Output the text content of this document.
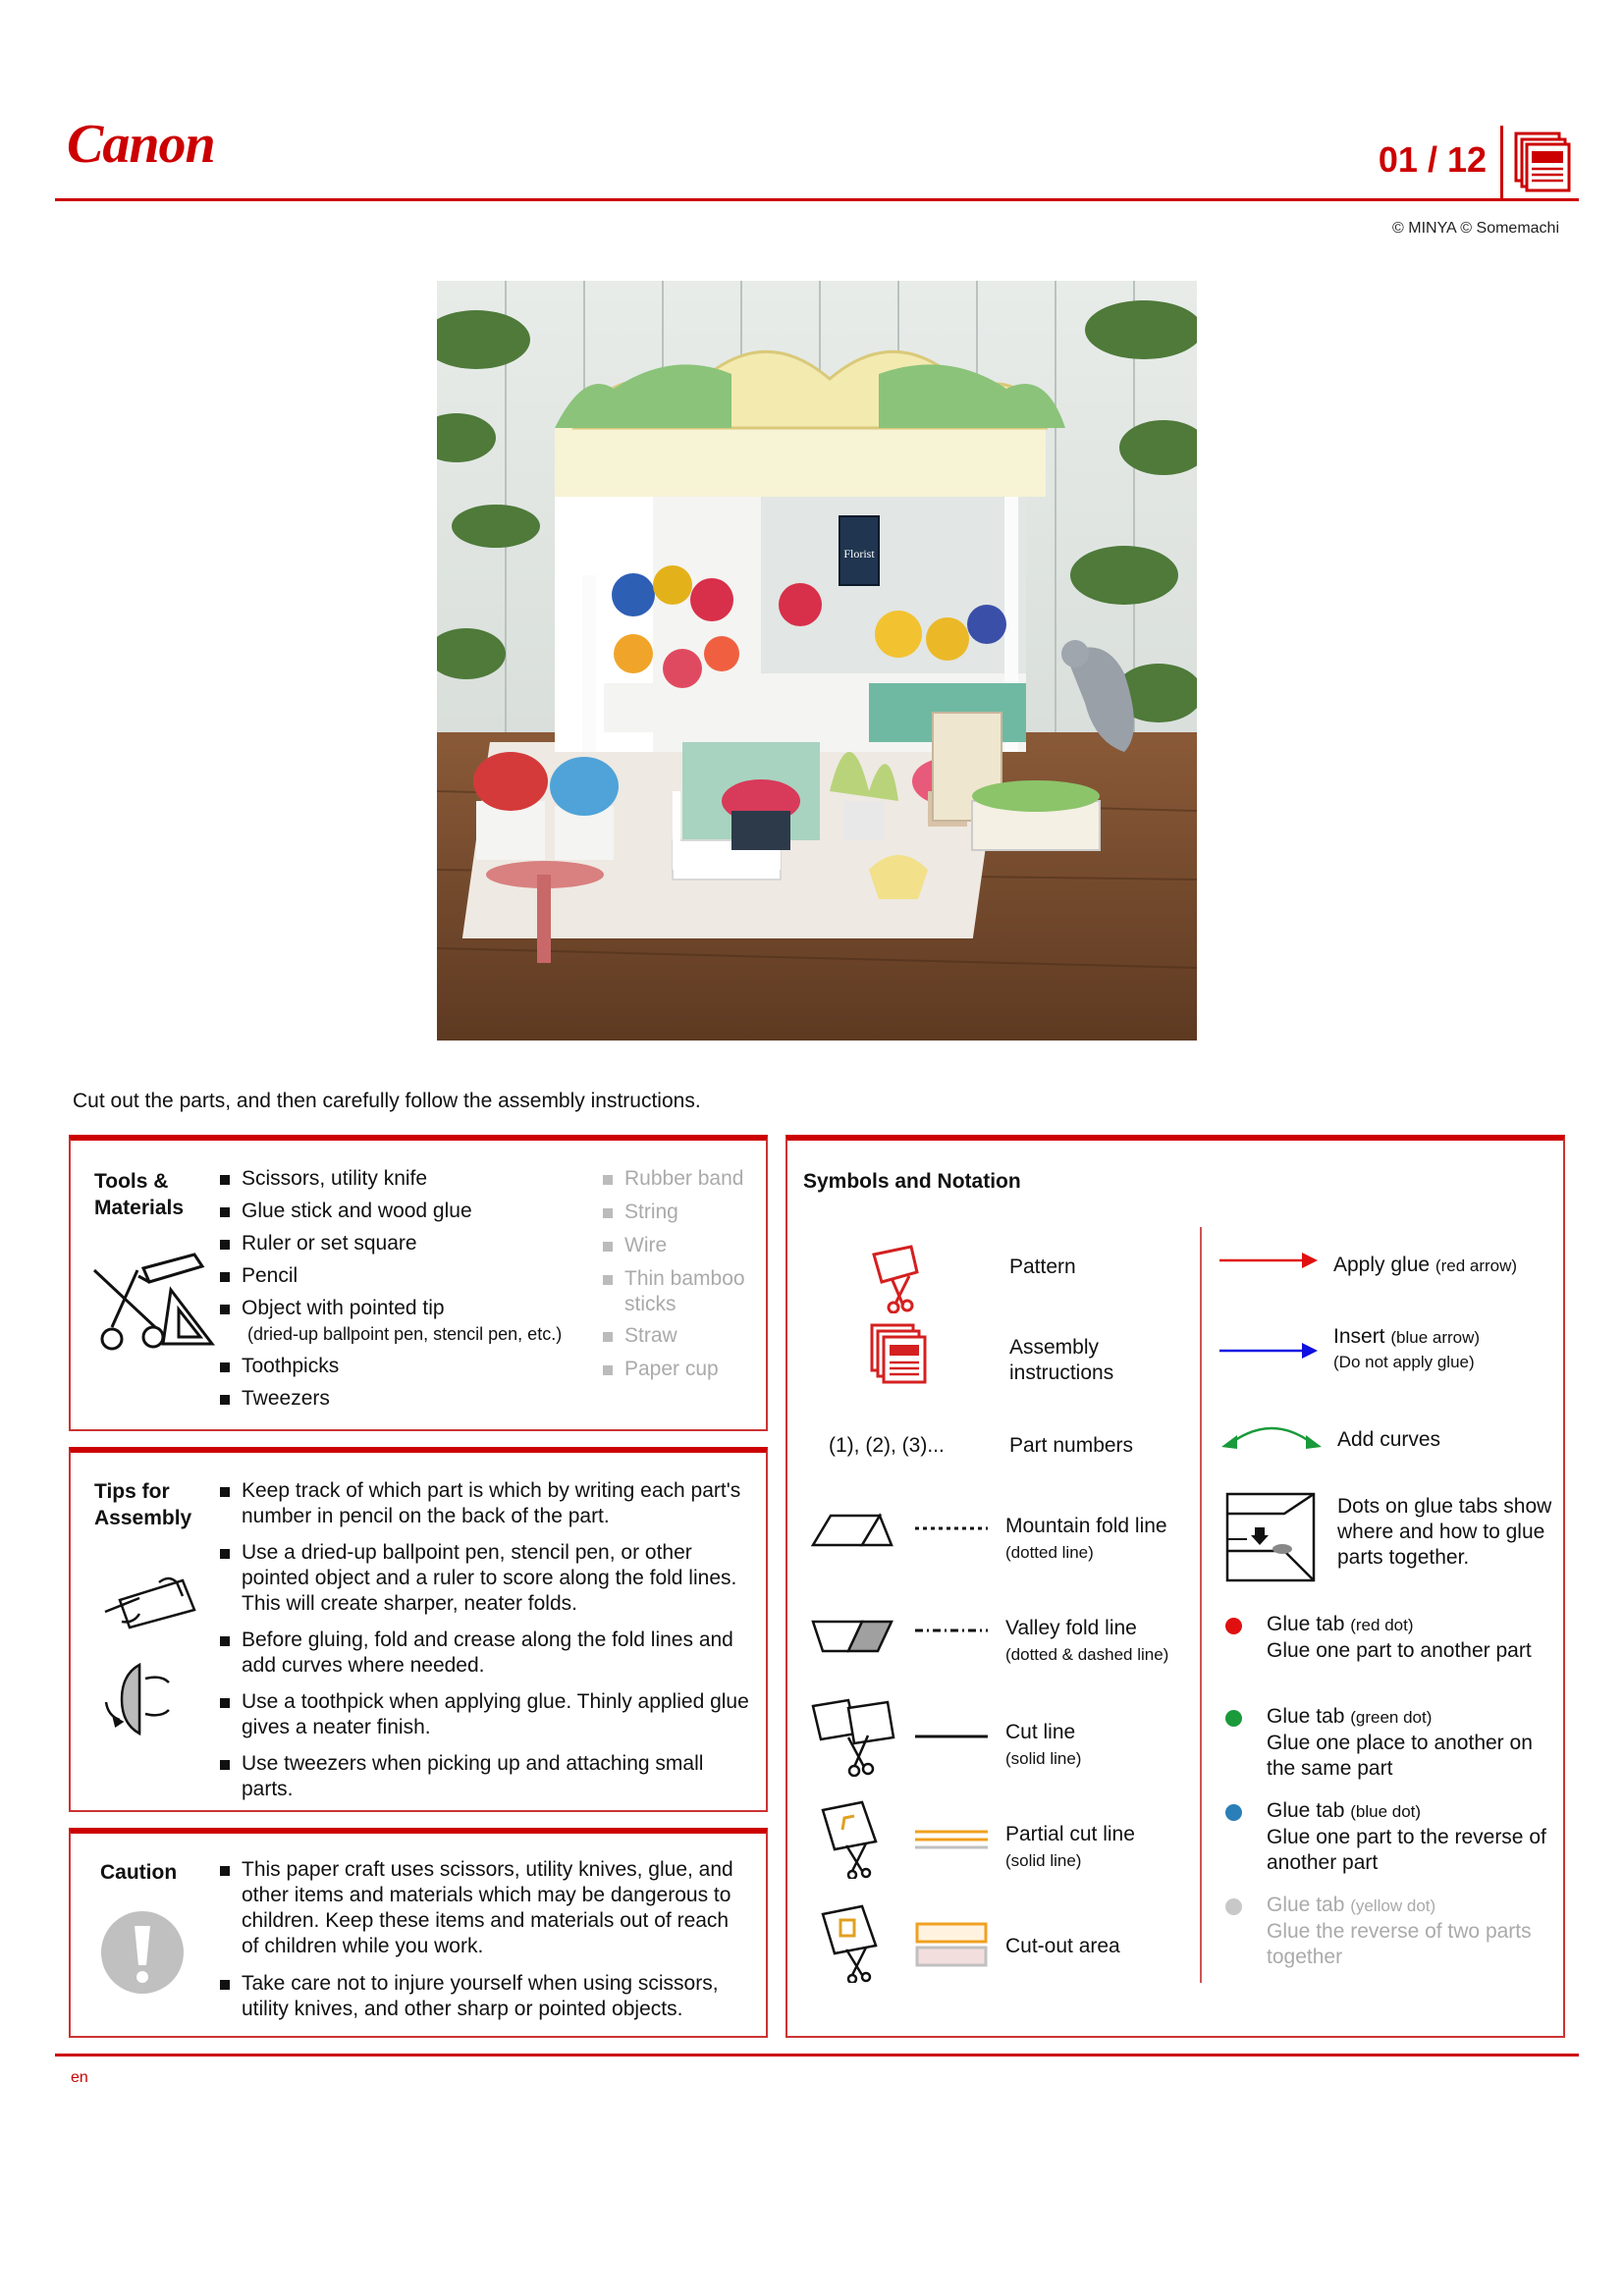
Canon	01 / 12
© MINYA © Somemachi
Florist
Cut out the parts, and then carefully follow the assembly instructions.
Tools & Materials
Scissors, utility knife
Glue stick and wood glue
Ruler or set square
Pencil
Object with pointed tip
(dried-up ballpoint pen, stencil pen, etc.)
Toothpicks
Tweezers
Rubber band
String
Wire
Thin bamboo sticks
Straw
Paper cup
Tips for Assembly
Keep track of which part is which by writing each part's number in pencil on the back of the part.
Use a dried-up ballpoint pen, stencil pen, or other pointed object and a ruler to score along the fold lines. This will create sharper, neater folds.
Before gluing, fold and crease along the fold lines and add curves where needed.
Use a toothpick when applying glue. Thinly applied glue gives a neater finish.
Use tweezers when picking up and attaching small parts.
Caution	This paper craft uses scissors, utility knives, glue, and other items and materials which may be dangerous to children. Keep these items and materials out of reach of children while you work.
Take care not to injure yourself when using scissors, utility knives, and other sharp or pointed objects.
Symbols and Notation
Pattern
Assembly instructions
(1), (2), (3)...	Part numbers
Mountain fold line
(dotted line)
Valley fold line
(dotted & dashed line)
Cut line
(solid line)
Partial cut line
(solid line)
Cut-out area
Apply glue (red arrow)
Insert (blue arrow)
(Do not apply glue)
Add curves
Dots on glue tabs show where and how to glue parts together.
Glue tab (red dot)
Glue one part to another part
Glue tab (green dot)
Glue one place to another on the same part
Glue tab (blue dot)
Glue one part to the reverse of another part
Glue tab (yellow dot)
Glue the reverse of two parts together
en
